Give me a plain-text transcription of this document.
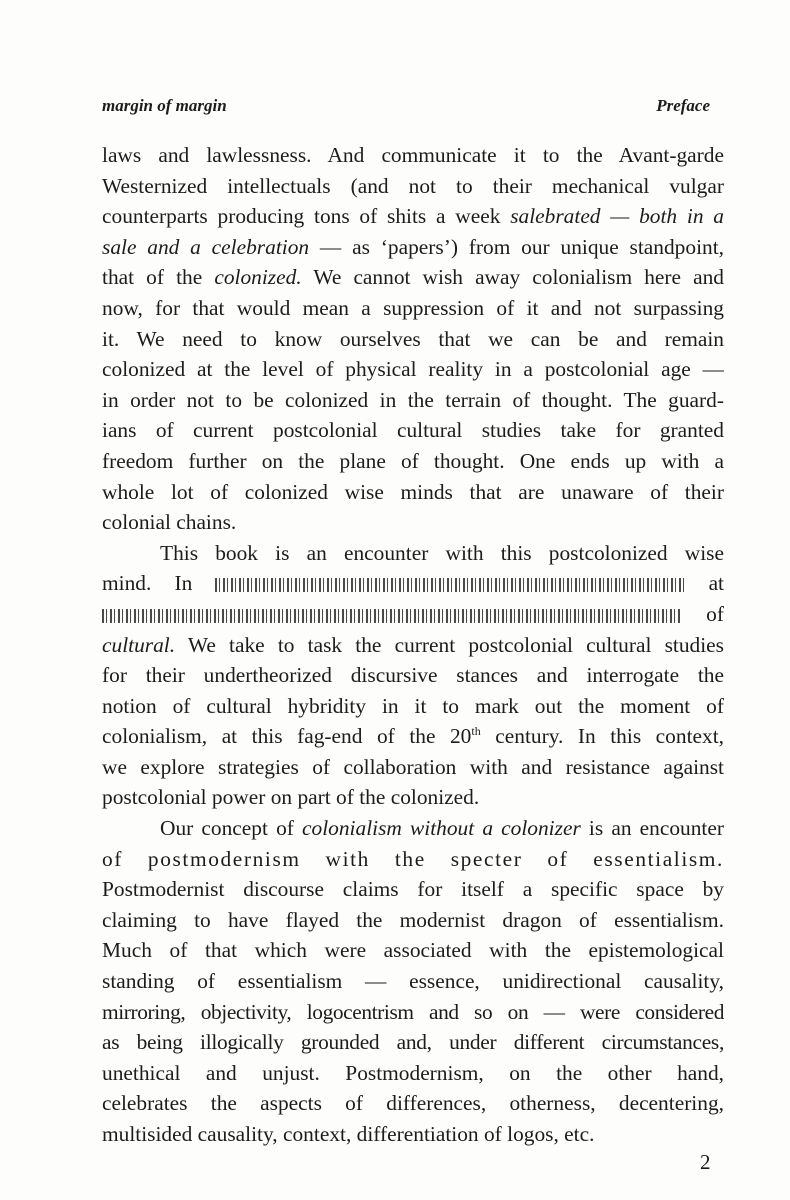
margin of margin	Preface

laws and lawlessness. And communicate it to the Avant-garde
Westernized intellectuals (and not to their mechanical vulgar
counterparts producing tons of shits a week salebrated — both in a
sale and a celebration — as ‘papers’) from our unique standpoint,
that of the colonized. We cannot wish away colonialism here and
now, for that would mean a suppression of it and not surpassing
it. We need to know ourselves that we can be and remain
colonized at the level of physical reality in a postcolonial age —
in order not to be colonized in the terrain of thought. The guard-
ians of current postcolonial cultural studies take for granted
freedom further on the plane of thought. One ends up with a
whole lot of colonized wise minds that are unaware of their
colonial chains.

This book is an encounter with this postcolonized wise
mind. In	at
of
cultural. We take to task the current postcolonial cultural studies
for their undertheorized discursive stances and interrogate the
notion of cultural hybridity in it to mark out the moment of
colonialism, at this fag-end of the 20th century. In this context,
we explore strategies of collaboration with and resistance against
postcolonial power on part of the colonized.

Our concept of colonialism without a colonizer is an encounter
of postmodernism with the specter of essentialism.
Postmodernist discourse claims for itself a specific space by
claiming to have flayed the modernist dragon of essentialism.
Much of that which were associated with the epistemological
standing of essentialism — essence, unidirectional causality,
mirroring, objectivity, logocentrism and so on — were considered
as being illogically grounded and, under different circumstances,
unethical and unjust. Postmodernism, on the other hand,
celebrates the aspects of differences, otherness, decentering,
multisided causality, context, differentiation of logos, etc.

2
